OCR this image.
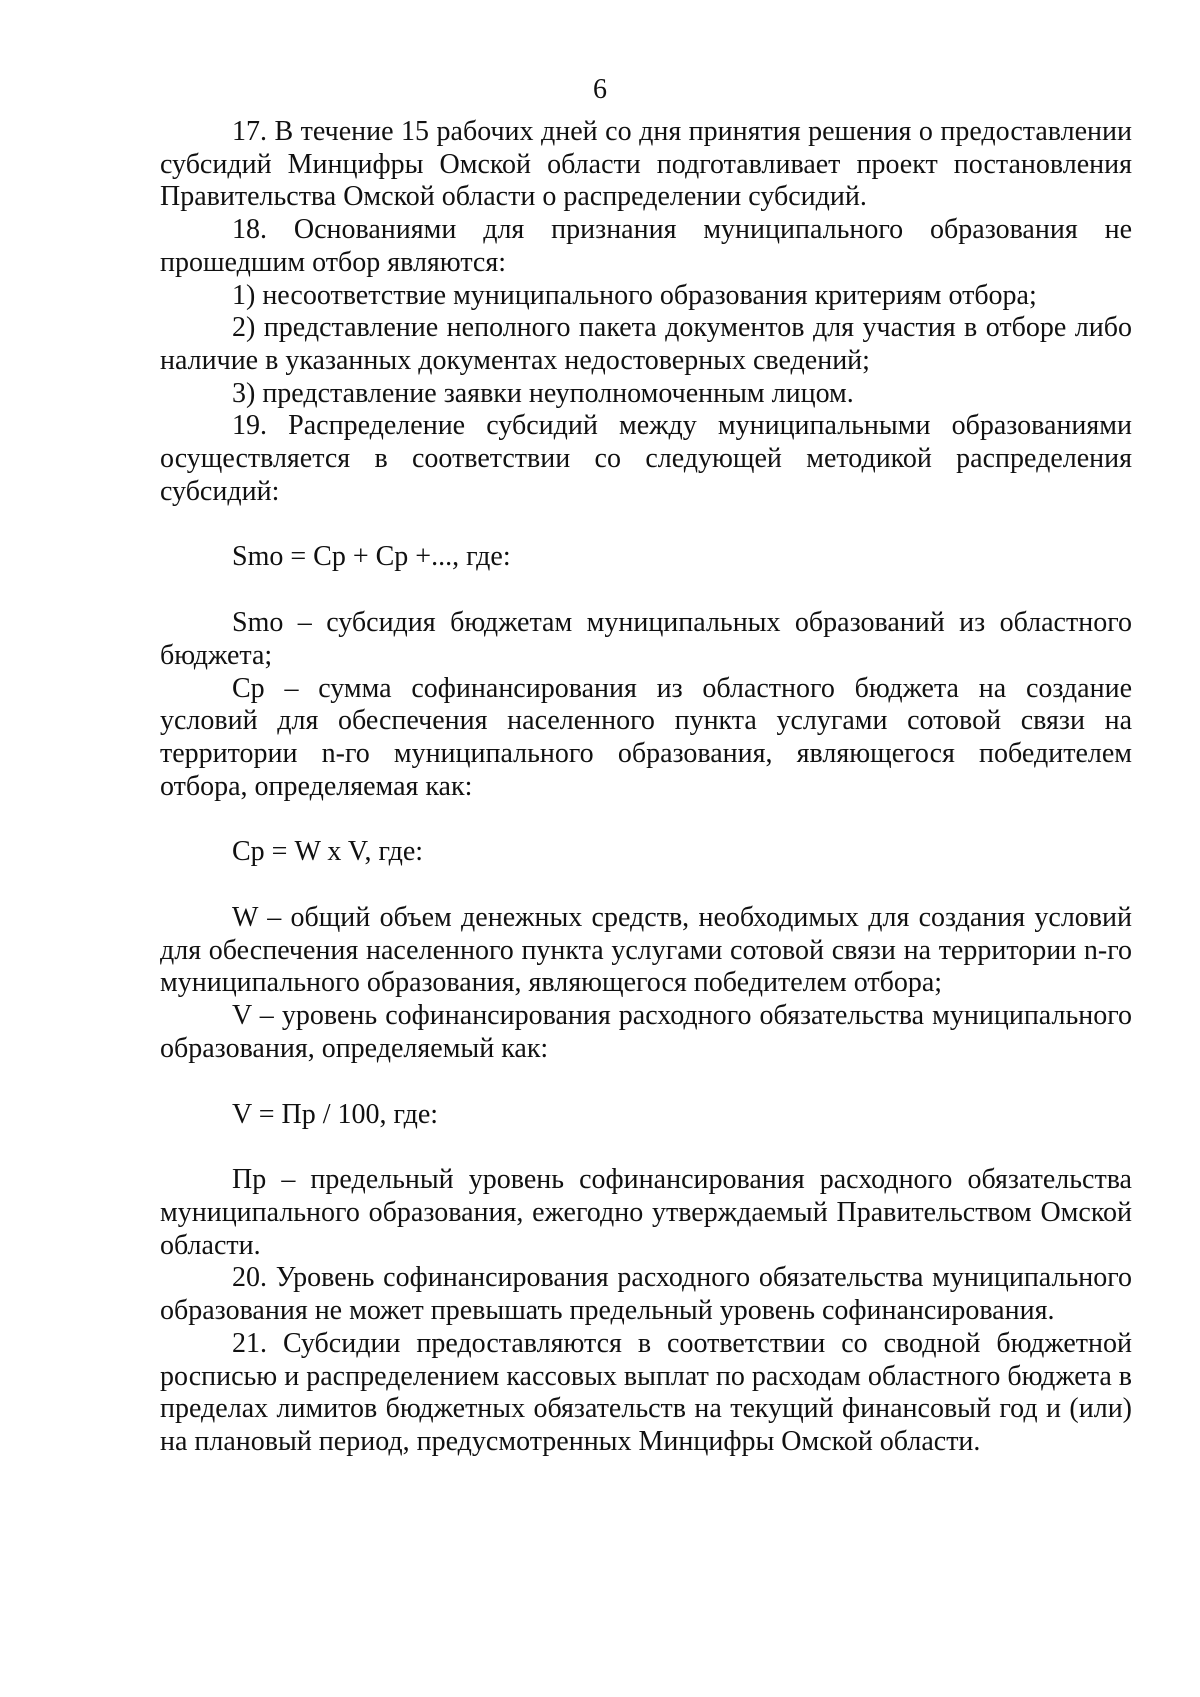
6

17. В течение 15 рабочих дней со дня принятия решения о предоставлении субсидий Минцифры Омской области подготавливает проект постановления Правительства Омской области о распределении субсидий.

18. Основаниями для признания муниципального образования не прошедшим отбор являются:

1) несоответствие муниципального образования критериям отбора;

2) представление неполного пакета документов для участия в отборе либо наличие в указанных документах недостоверных сведений;

3) представление заявки неуполномоченным лицом.

19. Распределение субсидий между муниципальными образованиями осуществляется в соответствии со следующей методикой распределения субсидий:

Smo = Ср + Ср +..., где:

Smo – субсидия бюджетам муниципальных образований из областного бюджета;

Ср – сумма софинансирования из областного бюджета на создание условий для обеспечения населенного пункта услугами сотовой связи на территории n-го муниципального образования, являющегося победителем отбора, определяемая как:

Ср = W x V, где:

W – общий объем денежных средств, необходимых для создания условий для обеспечения населенного пункта услугами сотовой связи на территории n-го муниципального образования, являющегося победителем отбора;

V – уровень софинансирования расходного обязательства муниципального образования, определяемый как:

V = Пр / 100, где:

Пр – предельный уровень софинансирования расходного обязательства муниципального образования, ежегодно утверждаемый Правительством Омской области.

20. Уровень софинансирования расходного обязательства муниципального образования не может превышать предельный уровень софинансирования.

21. Субсидии предоставляются в соответствии со сводной бюджетной росписью и распределением кассовых выплат по расходам областного бюджета в пределах лимитов бюджетных обязательств на текущий финансовый год и (или) на плановый период, предусмотренных Минцифры Омской области.
